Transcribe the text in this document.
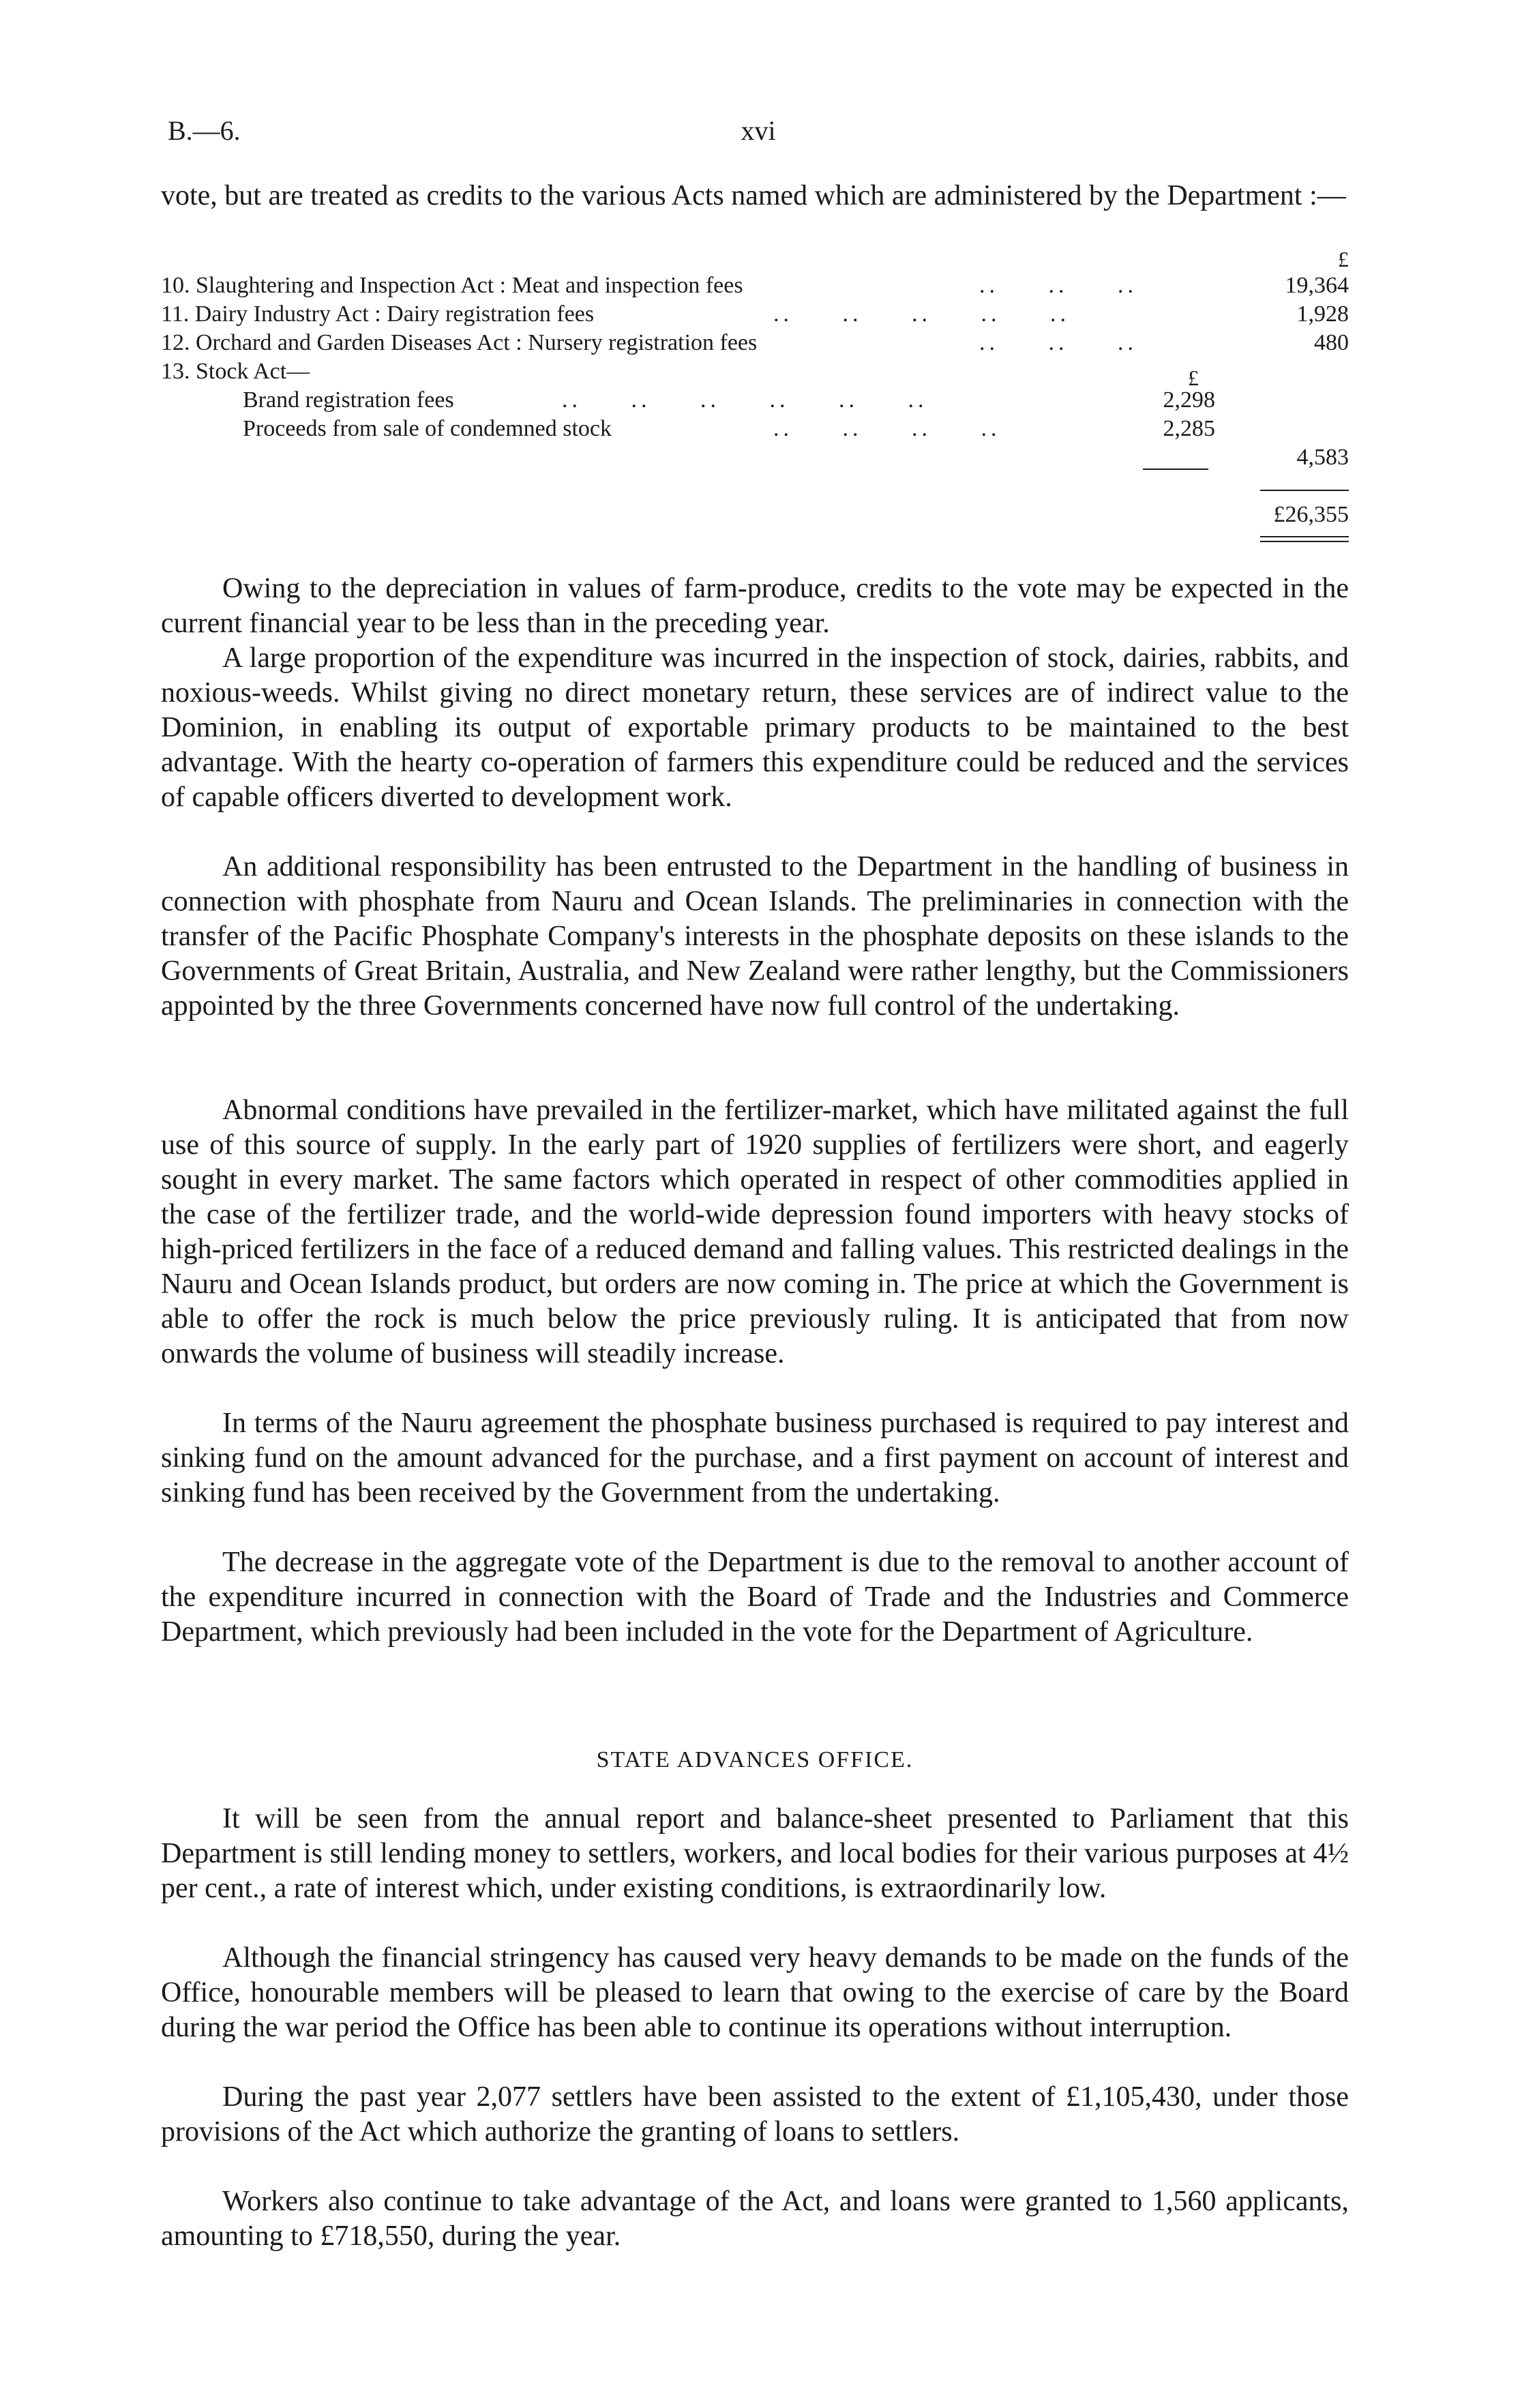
B.—6.	xvi
vote, but are treated as credits to the various Acts named which are administered by the Department :—
£
10. Slaughtering and Inspection Act : Meat and inspection fees	..     ..     ..	19,364
11. Dairy Industry Act : Dairy registration fees	..     ..     ..     ..     ..	1,928
12. Orchard and Garden Diseases Act : Nursery registration fees	..     ..     ..	480
13. Stock Act—	£
Brand registration fees	..     ..     ..     ..     ..     ..	2,298
Proceeds from sale of condemned stock	..     ..     ..     ..	2,285
4,583
£26,355
Owing to the depreciation in values of farm-produce, credits to the vote may be expected in the current financial year to be less than in the preceding year.
A large proportion of the expenditure was incurred in the inspection of stock, dairies, rabbits, and noxious-weeds. Whilst giving no direct monetary return, these services are of indirect value to the Dominion, in enabling its output of exportable primary products to be maintained to the best advantage. With the hearty co-operation of farmers this expenditure could be reduced and the services of capable officers diverted to development work.
An additional responsibility has been entrusted to the Department in the handling of business in connection with phosphate from Nauru and Ocean Islands. The preliminaries in connection with the transfer of the Pacific Phosphate Company's interests in the phosphate deposits on these islands to the Governments of Great Britain, Australia, and New Zealand were rather lengthy, but the Commissioners appointed by the three Governments concerned have now full control of the undertaking.
Abnormal conditions have prevailed in the fertilizer-market, which have militated against the full use of this source of supply. In the early part of 1920 supplies of fertilizers were short, and eagerly sought in every market. The same factors which operated in respect of other commodities applied in the case of the fertilizer trade, and the world-wide depression found importers with heavy stocks of high-priced fertilizers in the face of a reduced demand and falling values. This restricted dealings in the Nauru and Ocean Islands product, but orders are now coming in. The price at which the Government is able to offer the rock is much below the price previously ruling. It is anticipated that from now onwards the volume of business will steadily increase.
In terms of the Nauru agreement the phosphate business purchased is required to pay interest and sinking fund on the amount advanced for the purchase, and a first payment on account of interest and sinking fund has been received by the Government from the undertaking.
The decrease in the aggregate vote of the Department is due to the removal to another account of the expenditure incurred in connection with the Board of Trade and the Industries and Commerce Department, which previously had been included in the vote for the Department of Agriculture.
STATE ADVANCES OFFICE.
It will be seen from the annual report and balance-sheet presented to Parliament that this Department is still lending money to settlers, workers, and local bodies for their various purposes at 4½ per cent., a rate of interest which, under existing conditions, is extraordinarily low.
Although the financial stringency has caused very heavy demands to be made on the funds of the Office, honourable members will be pleased to learn that owing to the exercise of care by the Board during the war period the Office has been able to continue its operations without interruption.
During the past year 2,077 settlers have been assisted to the extent of £1,105,430, under those provisions of the Act which authorize the granting of loans to settlers.
Workers also continue to take advantage of the Act, and loans were granted to 1,560 applicants, amounting to £718,550, during the year.
